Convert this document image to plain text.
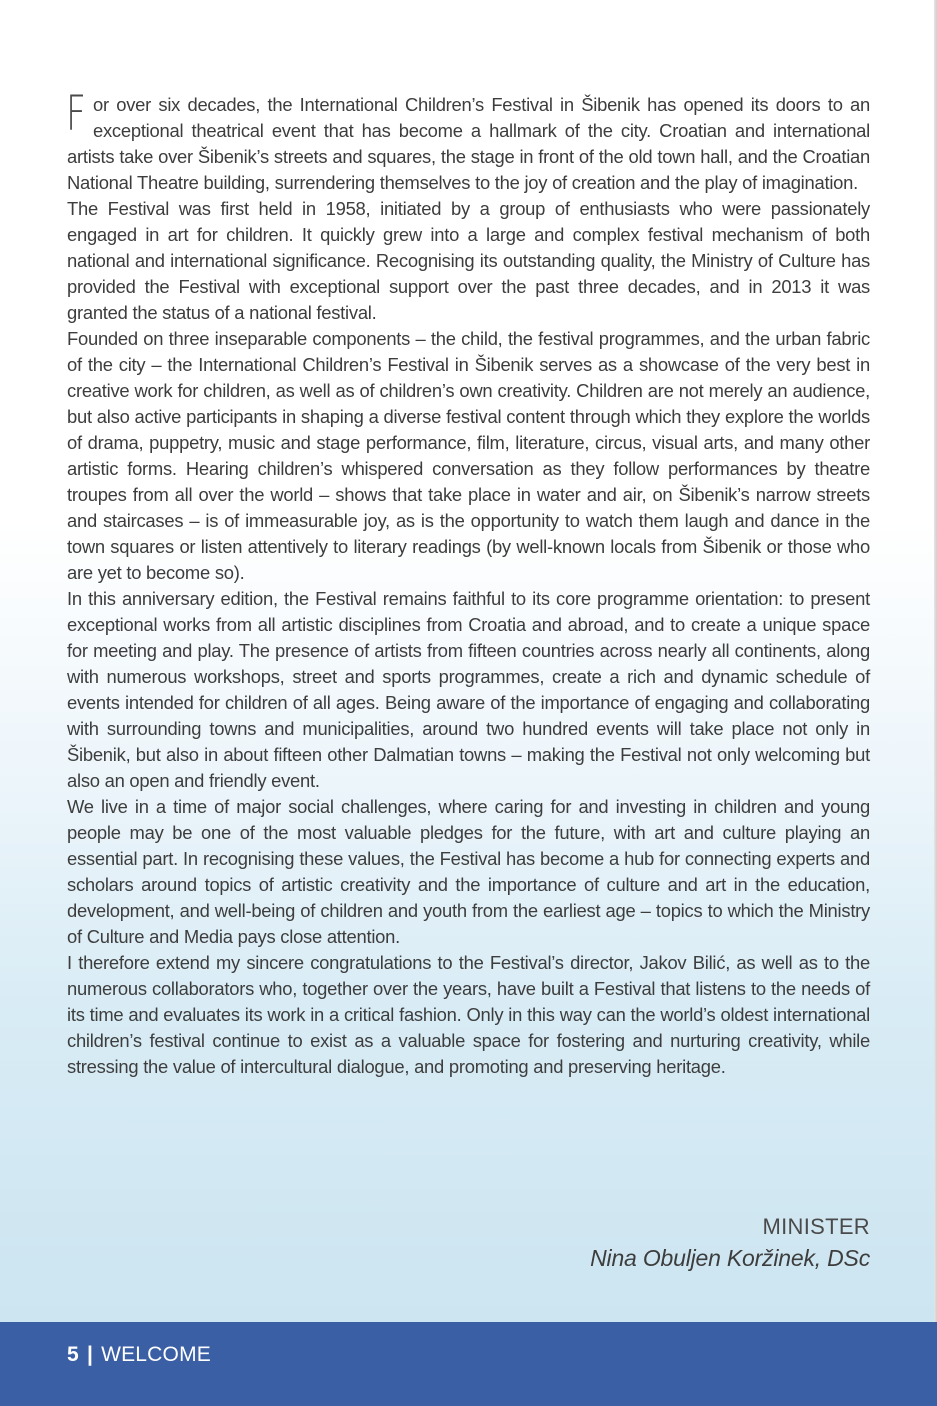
For over six decades, the International Children’s Festival in Šibenik has opened its doors to an exceptional theatrical event that has become a hallmark of the city. Croatian and international artists take over Šibenik’s streets and squares, the stage in front of the old town hall, and the Croatian National Theatre building, surrendering themselves to the joy of creation and the play of imagination.

The Festival was first held in 1958, initiated by a group of enthusiasts who were passionately engaged in art for children. It quickly grew into a large and complex festival mechanism of both national and international significance. Recognising its outstanding quality, the Ministry of Culture has provided the Festival with exceptional support over the past three decades, and in 2013 it was granted the status of a national festival.

Founded on three inseparable components – the child, the festival programmes, and the urban fabric of the city – the International Children’s Festival in Šibenik serves as a showcase of the very best in creative work for children, as well as of children’s own creativity. Children are not merely an audience, but also active participants in shaping a diverse festival content through which they explore the worlds of drama, puppetry, music and stage performance, film, literature, circus, visual arts, and many other artistic forms. Hearing children’s whispered conversation as they follow performances by theatre troupes from all over the world – shows that take place in water and air, on Šibenik’s narrow streets and staircases – is of immeasurable joy, as is the opportunity to watch them laugh and dance in the town squares or listen attentively to literary readings (by well-known locals from Šibenik or those who are yet to become so).

In this anniversary edition, the Festival remains faithful to its core programme orientation: to present exceptional works from all artistic disciplines from Croatia and abroad, and to create a unique space for meeting and play. The presence of artists from fifteen countries across nearly all continents, along with numerous workshops, street and sports programmes, create a rich and dynamic schedule of events intended for children of all ages. Being aware of the importance of engaging and collaborating with surrounding towns and municipalities, around two hundred events will take place not only in Šibenik, but also in about fifteen other Dalmatian towns – making the Festival not only welcoming but also an open and friendly event.

We live in a time of major social challenges, where caring for and investing in children and young people may be one of the most valuable pledges for the future, with art and culture playing an essential part. In recognising these values, the Festival has become a hub for connecting experts and scholars around topics of artistic creativity and the importance of culture and art in the education, development, and well-being of children and youth from the earliest age – topics to which the Ministry of Culture and Media pays close attention.

I therefore extend my sincere congratulations to the Festival’s director, Jakov Bilić, as well as to the numerous collaborators who, together over the years, have built a Festival that listens to the needs of its time and evaluates its work in a critical fashion. Only in this way can the world’s oldest international children’s festival continue to exist as a valuable space for fostering and nurturing creativity, while stressing the value of intercultural dialogue, and promoting and preserving heritage.

MINISTER
Nina Obuljen Koržinek, DSc
5 | WELCOME
